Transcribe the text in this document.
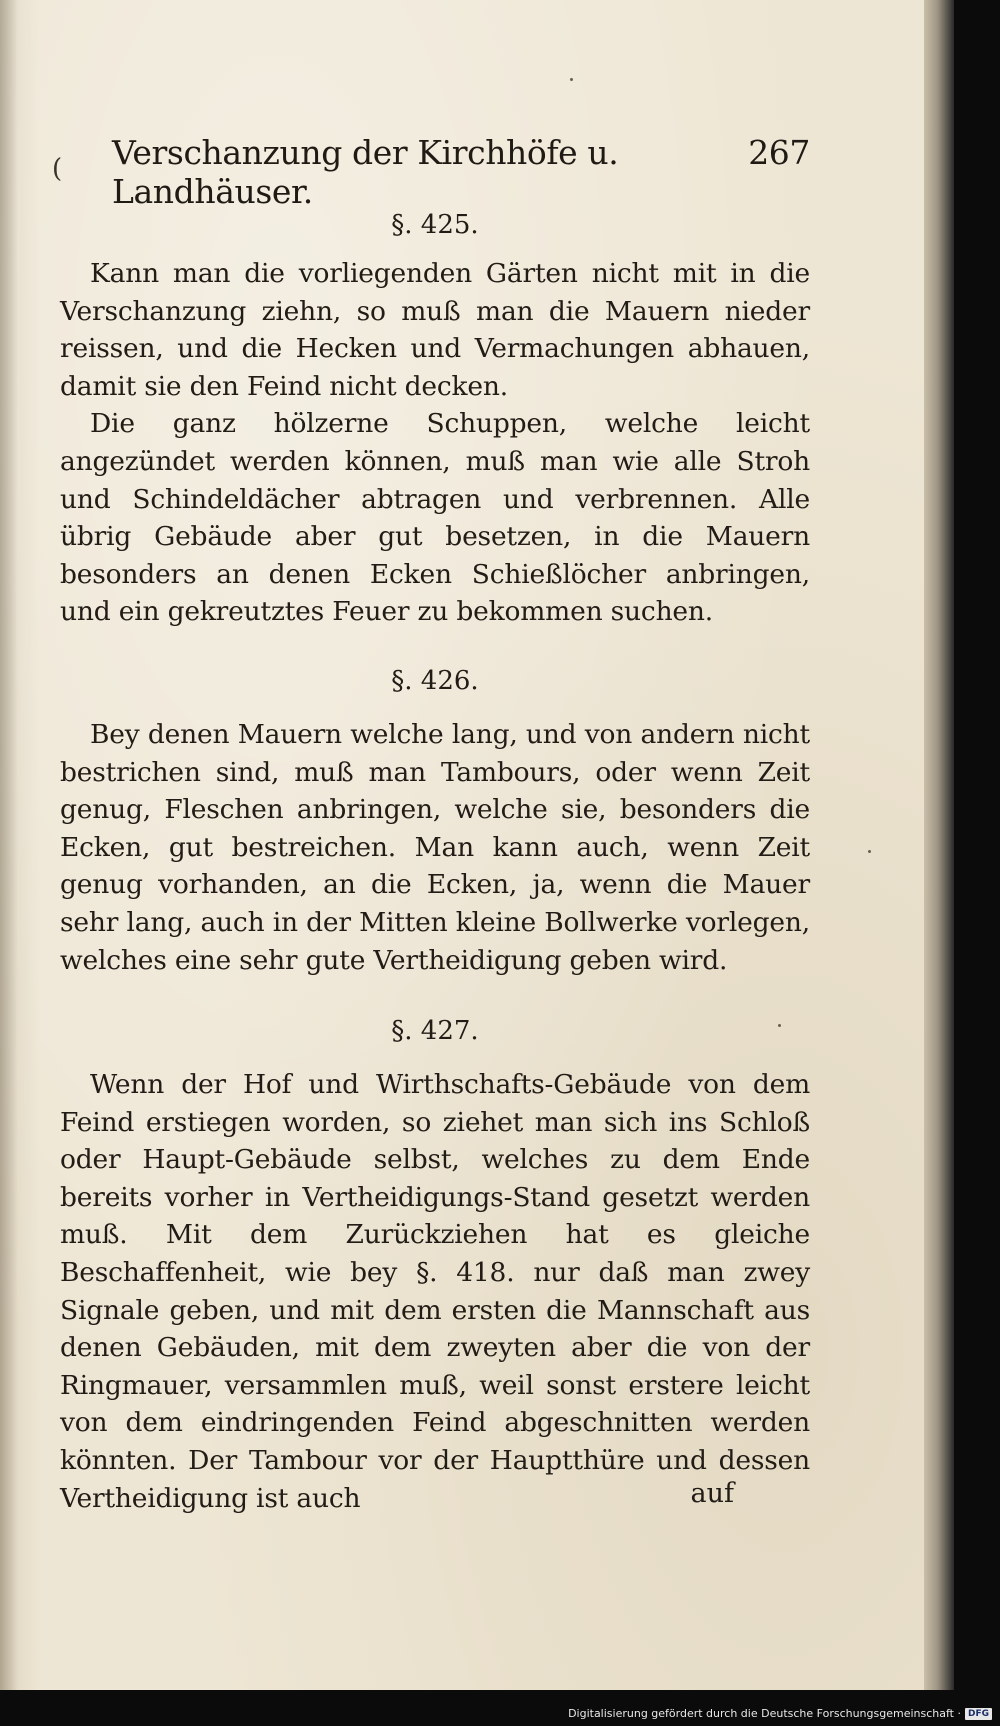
( Verschanzung der Kirchhöfe u. Landhäuser.
267
§. 425.

Kann man die vorliegenden Gärten nicht mit in die Verschanzung ziehn, so muß man die Mauern nieder reissen, und die Hecken und Vermachungen abhauen, damit sie den Feind nicht decken.

Die ganz hölzerne Schuppen, welche leicht angezündet werden können, muß man wie alle Stroh und Schindeldächer abtragen und verbrennen. Alle übrig Gebäude aber gut besetzen, in die Mauern besonders an denen Ecken Schießlöcher anbringen, und ein gekreutztes Feuer zu bekommen suchen.

§. 426.

Bey denen Mauern welche lang, und von andern nicht bestrichen sind, muß man Tambours, oder wenn Zeit genug, Fleschen anbringen, welche sie, besonders die Ecken, gut bestreichen. Man kann auch, wenn Zeit genug vorhanden, an die Ecken, ja, wenn die Mauer sehr lang, auch in der Mitten kleine Bollwerke vorlegen, welches eine sehr gute Vertheidigung geben wird.

§. 427.

Wenn der Hof und Wirthschafts-Gebäude von dem Feind erstiegen worden, so ziehet man sich ins Schloß oder Haupt-Gebäude selbst, welches zu dem Ende bereits vorher in Vertheidigungs-Stand gesetzt werden muß. Mit dem Zurückziehen hat es gleiche Beschaffenheit, wie bey §. 418. nur daß man zwey Signale geben, und mit dem ersten die Mannschaft aus denen Gebäuden, mit dem zweyten aber die von der Ringmauer, versammlen muß, weil sonst erstere leicht von dem eindringenden Feind abgeschnitten werden könnten. Der Tambour vor der Hauptthüre und dessen Vertheidigung ist auch	auf
Digitalisierung gefördert durch die Deutsche Forschungsgemeinschaft · DFG
